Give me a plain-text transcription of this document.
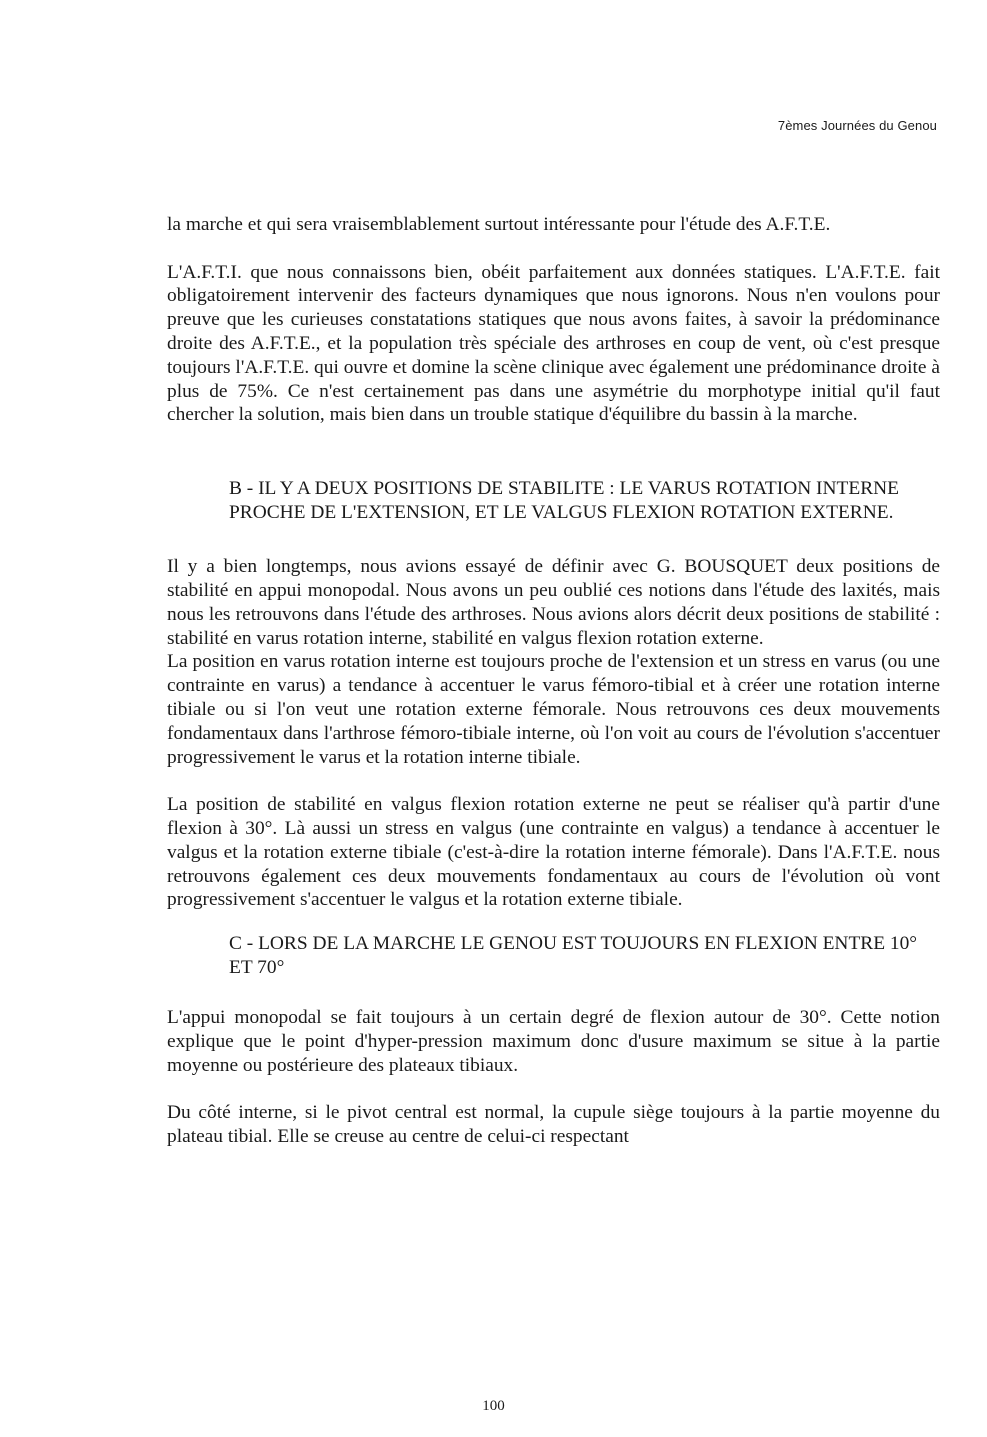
7èmes Journées du Genou

la marche et qui sera vraisemblablement surtout intéressante pour l'étude des A.F.T.E.

L'A.F.T.I. que nous connaissons bien, obéit parfaitement aux données statiques. L'A.F.T.E. fait obligatoirement intervenir des facteurs dynamiques que nous ignorons. Nous n'en voulons pour preuve que les curieuses constatations statiques que nous avons faites, à savoir la prédominance droite des A.F.T.E., et la population très spéciale des arthroses en coup de vent, où c'est presque toujours l'A.F.T.E. qui ouvre et domine la scène clinique avec également une prédominance droite à plus de 75%. Ce n'est certainement pas dans une asymétrie du morphotype initial qu'il faut chercher la solution, mais bien dans un trouble statique d'équilibre du bassin à la marche.

B - IL Y A DEUX POSITIONS DE STABILITE : LE VARUS ROTATION INTERNE PROCHE DE L'EXTENSION, ET LE VALGUS FLEXION ROTATION EXTERNE.

Il y a bien longtemps, nous avions essayé de définir avec G. BOUSQUET deux positions de stabilité en appui monopodal. Nous avons un peu oublié ces notions dans l'étude des laxités, mais nous les retrouvons dans l'étude des arthroses. Nous avions alors décrit deux positions de stabilité : stabilité en varus rotation interne, stabilité en valgus flexion rotation externe.

La position en varus rotation interne est toujours proche de l'extension et un stress en varus (ou une contrainte en varus) a tendance à accentuer le varus fémoro-tibial et à créer une rotation interne tibiale ou si l'on veut une rotation externe fémorale. Nous retrouvons ces deux mouvements fondamentaux dans l'arthrose fémoro-tibiale interne, où l'on voit au cours de l'évolution s'accentuer progressivement le varus et la rotation interne tibiale.

La position de stabilité en valgus flexion rotation externe ne peut se réaliser qu'à partir d'une flexion à 30°. Là aussi un stress en valgus (une contrainte en valgus) a tendance à accentuer le valgus et la rotation externe tibiale (c'est-à-dire la rotation interne fémorale). Dans l'A.F.T.E. nous retrouvons également ces deux mouvements fondamentaux au cours de l'évolution où vont progressivement s'accentuer le valgus et la rotation externe tibiale.

C - LORS DE LA MARCHE LE GENOU EST TOUJOURS EN FLEXION ENTRE 10° ET 70°

L'appui monopodal se fait toujours à un certain degré de flexion autour de 30°. Cette notion explique que le point d'hyper-pression maximum donc d'usure maximum se situe à la partie moyenne ou postérieure des plateaux tibiaux.

Du côté interne, si le pivot central est normal, la cupule siège toujours à la partie moyenne du plateau tibial. Elle se creuse au centre de celui-ci respectant

100
